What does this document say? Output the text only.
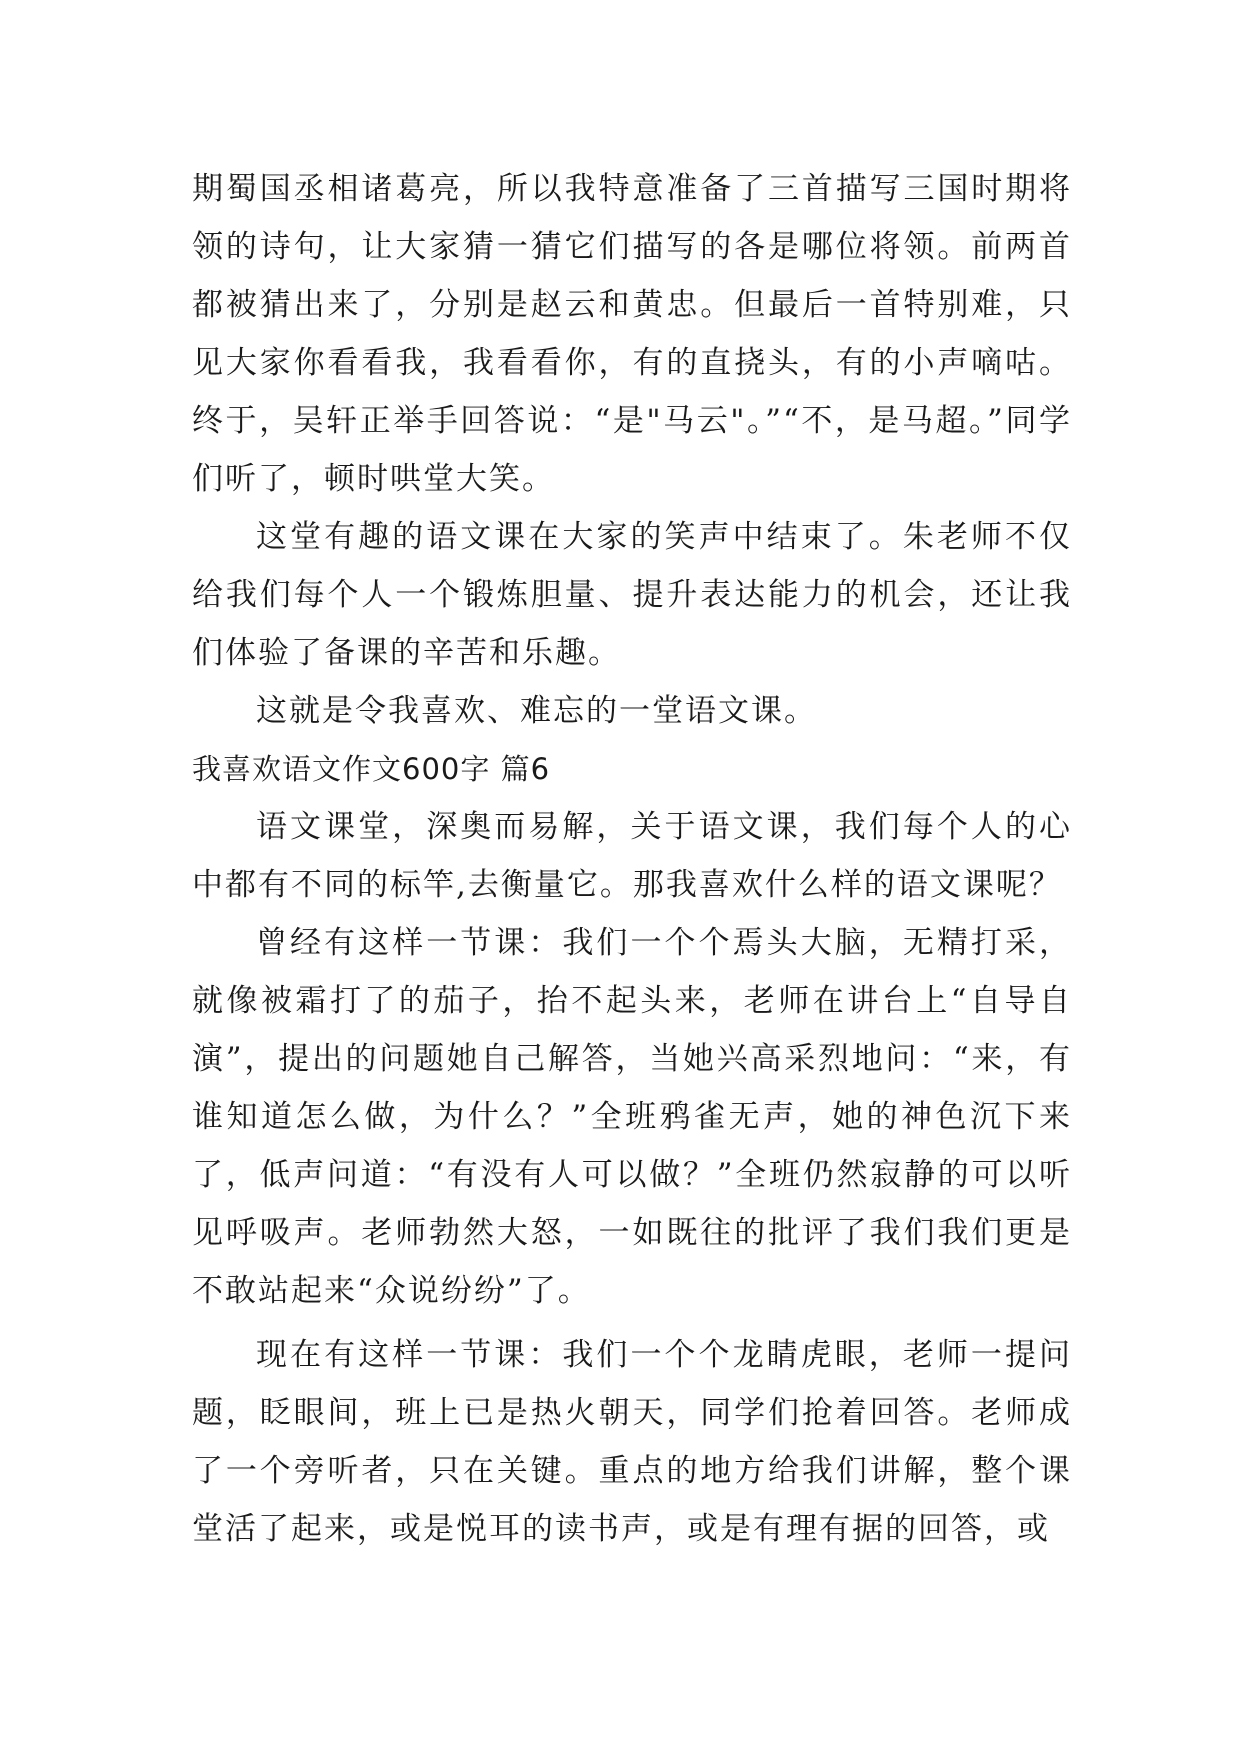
期蜀国丞相诸葛亮，所以我特意准备了三首描写三国时期将领的诗句，让大家猜一猜它们描写的各是哪位将领。前两首都被猜出来了，分别是赵云和黄忠。但最后一首特别难，只见大家你看看我，我看看你，有的直挠头，有的小声嘀咕。终于，吴轩正举手回答说：“是"马云"。”“不，是马超。”同学们听了，顿时哄堂大笑。

这堂有趣的语文课在大家的笑声中结束了。朱老师不仅给我们每个人一个锻炼胆量、提升表达能力的机会，还让我们体验了备课的辛苦和乐趣。

这就是令我喜欢、难忘的一堂语文课。

我喜欢语文作文600字 篇6

语文课堂，深奥而易解，关于语文课，我们每个人的心中都有不同的标竿,去衡量它。那我喜欢什么样的语文课呢？

曾经有这样一节课：我们一个个焉头大脑，无精打采，就像被霜打了的茄子，抬不起头来，老师在讲台上“自导自演”，提出的问题她自己解答，当她兴高采烈地问：“来，有谁知道怎么做，为什么？”全班鸦雀无声，她的神色沉下来了，低声问道：“有没有人可以做？”全班仍然寂静的可以听见呼吸声。老师勃然大怒，一如既往的批评了我们我们更是不敢站起来“众说纷纷”了。

现在有这样一节课：我们一个个龙睛虎眼，老师一提问题，眨眼间，班上已是热火朝天，同学们抢着回答。老师成了一个旁听者，只在关键。重点的地方给我们讲解，整个课堂活了起来，或是悦耳的读书声，或是有理有据的回答，或
